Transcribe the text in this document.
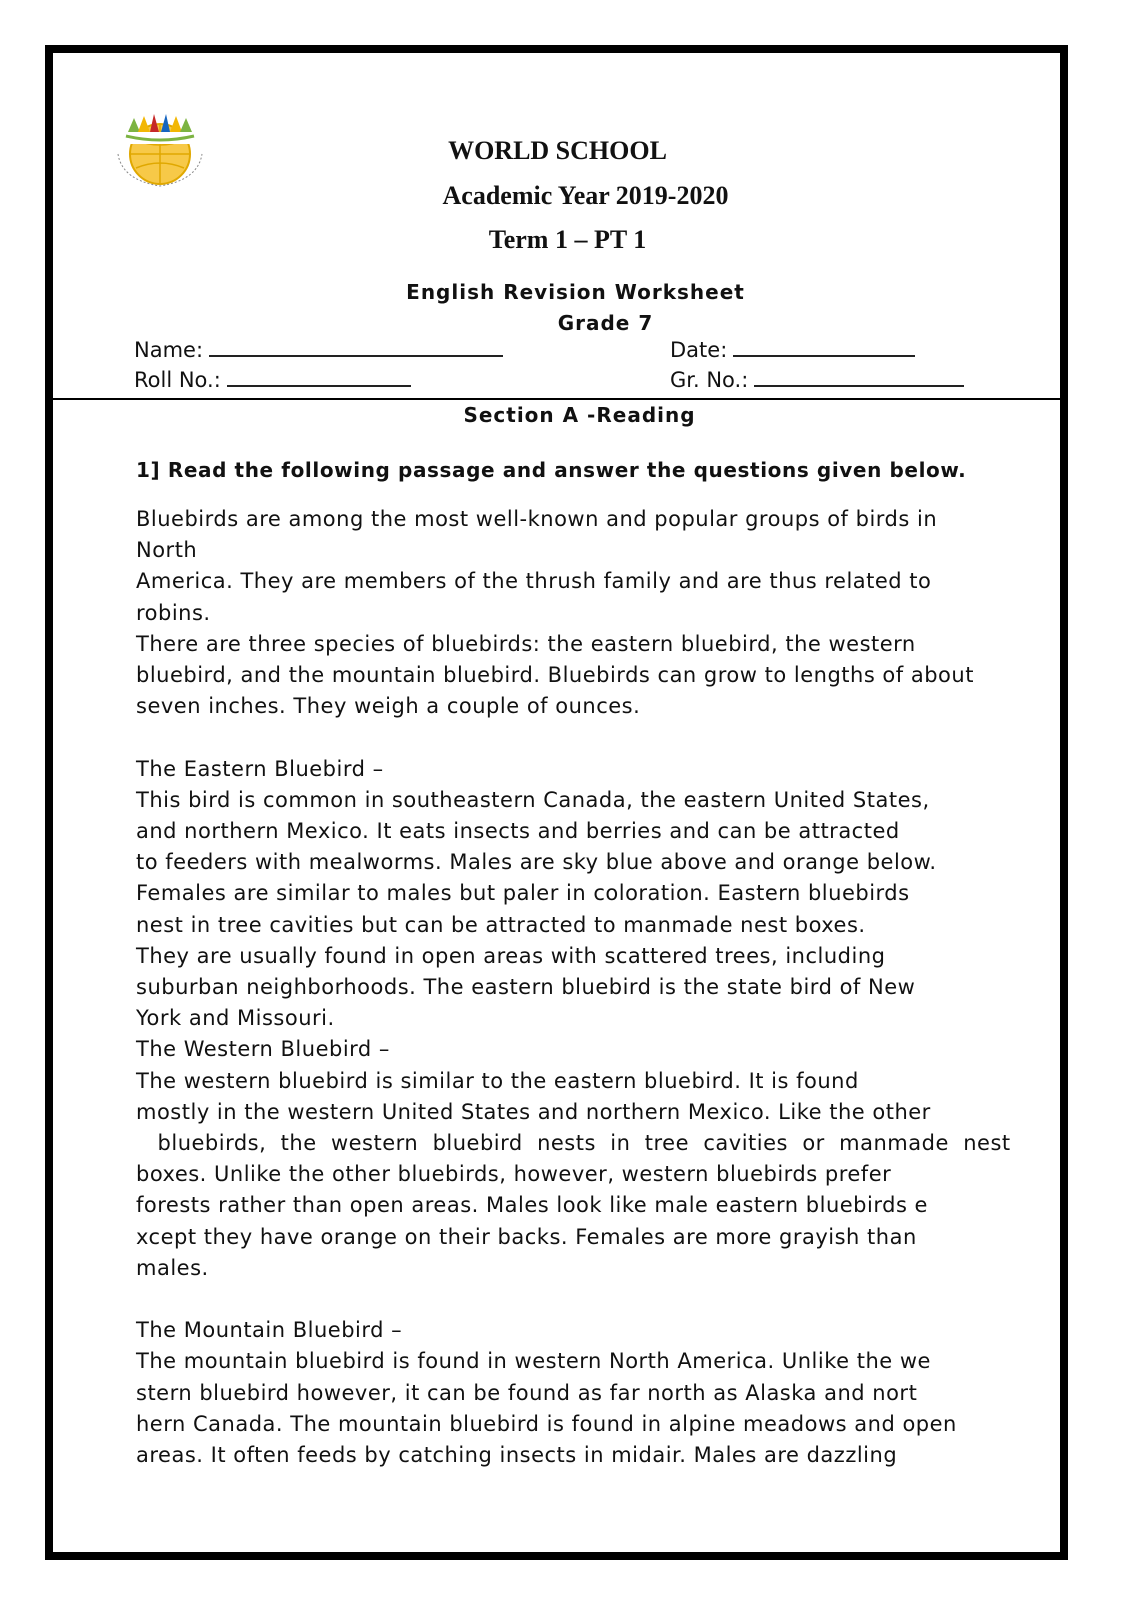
WORLD SCHOOL
Academic Year 2019-2020
Term 1 – PT 1
English Revision Worksheet
Grade 7
Name:	Date:
Roll No.:	Gr. No.:
Section A -Reading
1] Read the following passage and answer the questions given below.

Bluebirds are among the most well-known and popular groups of birds in North

America. They are members of the thrush family and are thus related to robins.

There are three species of bluebirds: the eastern bluebird, the western

bluebird, and the mountain bluebird. Bluebirds can grow to lengths of about

seven inches. They weigh a couple of ounces.

The Eastern Bluebird –

This bird is common in southeastern Canada, the eastern United States,

and northern Mexico. It eats insects and berries and can be attracted

to feeders with mealworms. Males are sky blue above and orange below.

Females are similar to males but paler in coloration. Eastern bluebirds

nest in tree cavities but can be attracted to manmade nest boxes.

They are usually found in open areas with scattered trees, including

suburban neighborhoods. The eastern bluebird is the state bird of New

York and Missouri.

The Western Bluebird –

The western bluebird is similar to the eastern bluebird. It is found

mostly in the western United States and northern Mexico. Like the other

bluebirds,  the  western  bluebird  nests  in  tree  cavities  or  manmade  nest

boxes. Unlike the other bluebirds, however, western bluebirds prefer

forests rather than open areas. Males look like male eastern bluebirds e

xcept they have orange on their backs. Females are more grayish than

males.

The Mountain Bluebird –

The mountain bluebird is found in western North America. Unlike the we

stern bluebird however, it can be found as far north as Alaska and nort

hern Canada. The mountain bluebird is found in alpine meadows and open

areas. It often feeds by catching insects in midair. Males are dazzling
